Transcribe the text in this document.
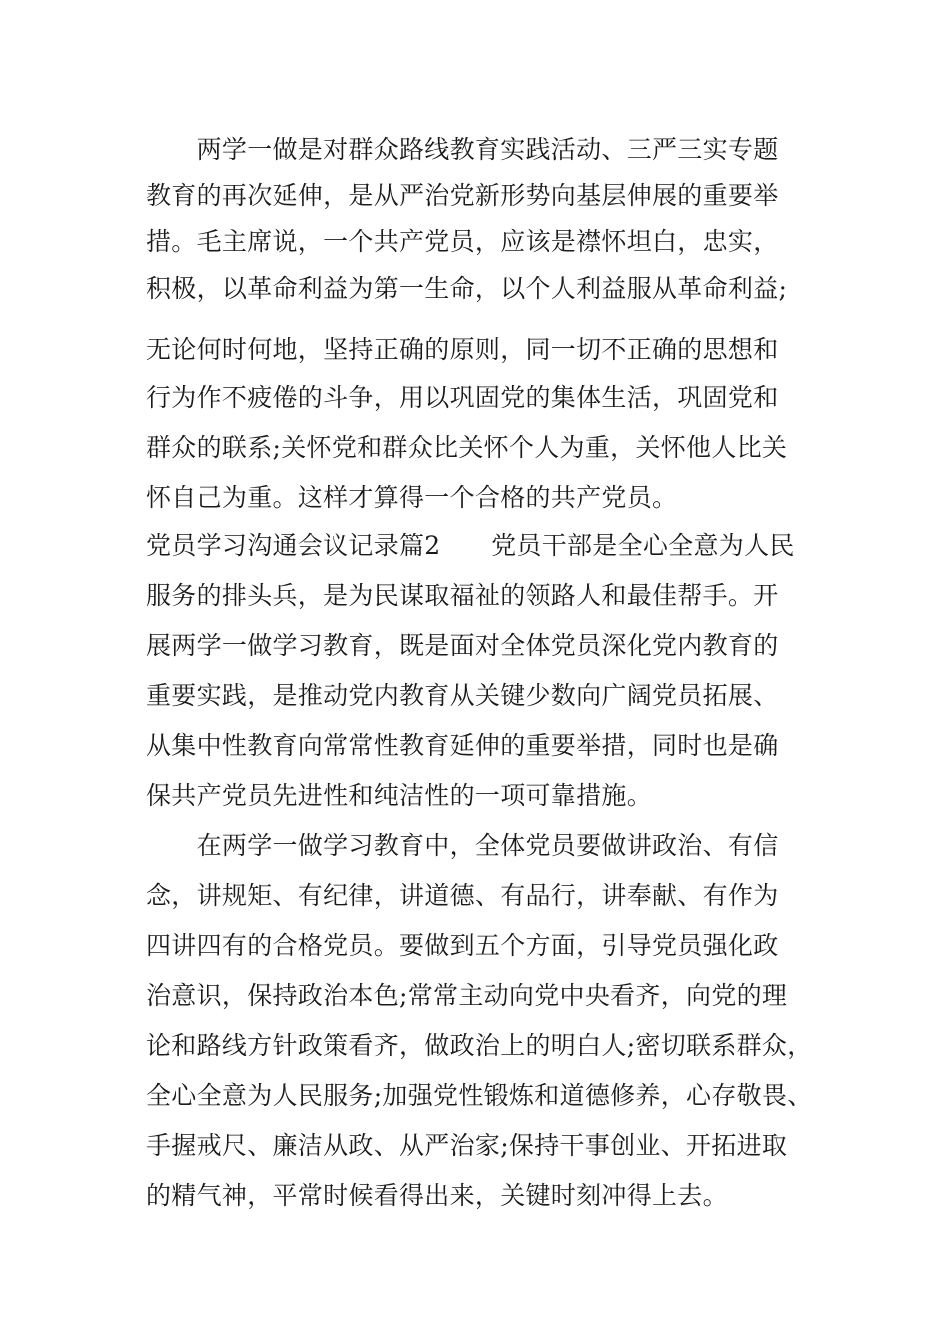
　　两学一做是对群众路线教育实践活动、三严三实专题
教育的再次延伸，是从严治党新形势向基层伸展的重要举
措。毛主席说，一个共产党员，应该是襟怀坦白，忠实，
积极，以革命利益为第一生命，以个人利益服从革命利益;
无论何时何地，坚持正确的原则，同一切不正确的思想和
行为作不疲倦的斗争，用以巩固党的集体生活，巩固党和
群众的联系;关怀党和群众比关怀个人为重，关怀他人比关
怀自己为重。这样才算得一个合格的共产党员。
党员学习沟通会议记录篇2　　党员干部是全心全意为人民
服务的排头兵，是为民谋取福祉的领路人和最佳帮手。开
展两学一做学习教育，既是面对全体党员深化党内教育的
重要实践，是推动党内教育从关键少数向广阔党员拓展、
从集中性教育向常常性教育延伸的重要举措，同时也是确
保共产党员先进性和纯洁性的一项可靠措施。
　　在两学一做学习教育中，全体党员要做讲政治、有信
念，讲规矩、有纪律，讲道德、有品行，讲奉献、有作为
四讲四有的合格党员。要做到五个方面，引导党员强化政
治意识，保持政治本色;常常主动向党中央看齐，向党的理
论和路线方针政策看齐，做政治上的明白人;密切联系群众，
全心全意为人民服务;加强党性锻炼和道德修养，心存敬畏、
手握戒尺、廉洁从政、从严治家;保持干事创业、开拓进取
的精气神，平常时候看得出来，关键时刻冲得上去。
